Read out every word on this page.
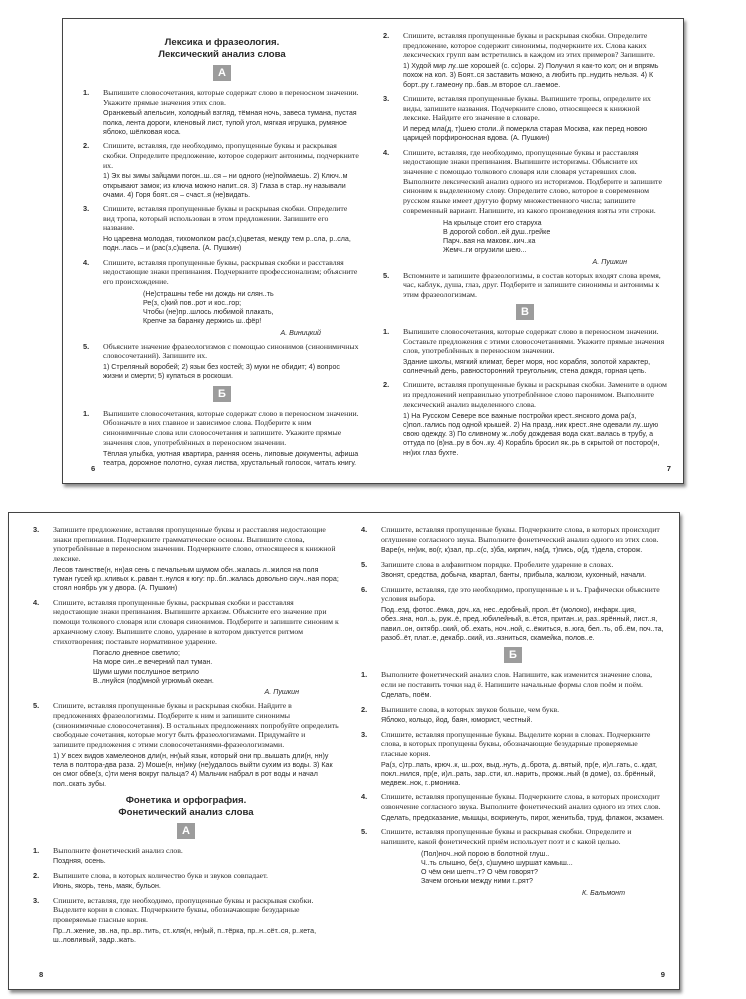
Лексика и фразеология.
Лексический анализ слова
А
1. Выпишите словосочетания, которые содержат слово в переносном значении. Укажите прямые значения этих слов.
Оранжевый апельсин, холодный взгляд, тёмная ночь, завеса тумана, пустая полка, лента дороги, кленовый лист, тупой угол, мягкая игрушка, румяное яблоко, шёлковая коса.
2. Спишите, вставляя, где необходимо, пропущенные буквы и раскрывая скобки. Определите предложение, которое содержит антонимы, подчеркните их.
1) Эх вы зимы зайцами погон..ш..ся – ни одного (не)поймаешь. 2) Ключ..м открывают замок; из ключа можно напит..ся. 3) Глаза в стар..ну называли очами. 4) Горя боят..ся – счаст..я (не)видать.
3. Спишите, вставляя пропущенные буквы и раскрывая скобки. Определите вид тропа, который использован в этом предложении. Запишите его название.
Но царевна молодая, тихомолком рас(з,с)цветая, между тем р..сла, р..сла, подн..лась – и (рас(з,с)цвела. (А. Пушкин)
4. Спишите, вставляя пропущенные буквы, раскрывая скобки и расставляя недостающие знаки препинания. Подчеркните профессионализм; объясните его происхождение.
(Не)страшны тебе ни дождь ни слян..ть
Ре(з, с)кий пов..рот и кос..гор;
Чтобы (не)пр..шлось любимой плакать,
Крепче за баранку держись ш..фёр!
А. Виницкий
5. Объясните значение фразеологизмов с помощью синонимов (синонимичных словосочетаний). Запишите их.
1) Стреляный воробей; 2) язык без костей; 3) муки не обидит; 4) вопрос жизни и смерти; 5) купаться в роскоши.
Б
1. Выпишите словосочетания, которые содержат слово в переносном значении. Обозначьте в них главное и зависимое слова. Подберите к ним синонимичные слова или словосочетания и запишите. Укажите прямые значения слов, употреблённых в переносном значении.
Тёплая улыбка, уютная квартира, ранняя осень, липовые документы, афиша театра, дорожное полотно, сухая листва, хрустальный голосок, читать книгу.
6
2. Спишите, вставляя пропущенные буквы и раскрывая скобки. Определите предложение, которое содержит синонимы, подчеркните их. Слова каких лексических групп вам встретились в каждом из этих примеров? Запишите.
1) Худой мир лу..ше хорошей (с. сс)оры. 2) Получил я как-то кол; он и впрямь похож на кол. 3) Боят..ся заставить можно, а любить пр..нудить нельзя. 4) К борт..ру г..гамеону пр..бав..м второе сл..гаемое.
3. Спишите, вставляя пропущенные буквы. Выпишите тропы, определите их виды, запишите названия. Подчеркните слово, относящееся к книжной лексике. Найдите его значение в словаре.
И перед мла(д, т)шею столи..й померкла старая Москва, как перед новою царицей порфироносная вдова. (А. Пушкин)
4. Спишите, вставляя, где необходимо, пропущенные буквы и расставляя недостающие знаки препинания. Выпишите историзмы. Объясните их значение с помощью толкового словаря или словаря устаревших слов. Выполните лексический анализ одного из историзмов. Подберите и запишите синоним к выделенному слову. Определите слово, которое в современном русском языке имеет другую форму множественного числа; запишите современный вариант. Напишите, из какого произведения взяты эти строки.
На крыльце стоит его старуха
В дорогой собол..ей душ..грейке
Парч..вая на маковк..кич..ка
Жемч..ги огрузили шею...
А. Пушкин
5. Вспомните и запишите фразеологизмы, в состав которых входят слова время, час, каблук, душа, глаз, друг. Подберите и запишите синонимы и антонимы к этим фразеологизмам.
В
1. Выпишите словосочетания, которые содержат слово в переносном значении. Составьте предложения с этими словосочетаниями. Укажите прямые значения слов, употреблённых в переносном значении.
Здание школы, мягкий климат, берег моря, нос корабля, золотой характер, солнечный день, равносторонний треугольник, стена дождя, горная цепь.
2. Спишите, вставляя пропущенные буквы и раскрывая скобки. Замените в одном из предложений неправильно употреблённое слово паронимом. Выполните лексический анализ выделенного слова.
1) На Русском Севере все важные постройки крест..янского дома ра(з, с)пол..гались под одной крышей. 2) На празд..ник крест..яне одевали лу..шую свою одежду. 3) По сливному ж..лобу дождевая вода скат..валась в трубу, а оттуда по (в)на..ру в боч..ку. 4) Корабль бросил як..рь в скрытой от посторо(н, нн)их глаз бухте.
7
3. Запишите предложение, вставляя пропущенные буквы и расставляя недостающие знаки препинания. Подчеркните грамматические основы. Выпишите слова, употреблённые в переносном значении. Подчеркните слово, относящееся к книжной лексике.
Лесов таинстве(н, нн)ая сень с печальным шумом обн..жалась л..жился на поля туман гусей кр..кливых к..раван т..нулся к югу: пр..бл..жалась довольно скуч..ная пора; стоял ноябрь уж у двора. (А. Пушкин)
4. Спишите, вставляя пропущенные буквы, раскрывая скобки и расставляя недостающие знаки препинания. Выпишите архаизм. Объясните его значение при помощи толкового словаря или словаря синонимов. Подберите и запишите синоним к архаичному слову. Выпишите слово, ударение в котором диктуется ритмом стихотворения; поставьте нормативное ударение.
Погасло дневное светило;
На море син..е вечерний пал туман.
Шуми шуми послушное ветрило
В..лнуйся (под)мной угрюмый океан.
А. Пушкин
5. Спишите, вставляя пропущенные буквы и раскрывая скобки. Найдите в предложениях фразеологизмы. Подберите к ним и запишите синонимы (синонимичные словосочетания). В остальных предложениях попробуйте определить свободные сочетания, которые могут быть фразеологизмами. Придумайте и запишите предложения с этими словосочетаниями-фразеологизмами.
1) У всех видов хамелеонов дли(н, нн)ый язык, который они пр..вышать дли(н, нн)у тела в полтора-два раза. 2) Моше(н, нн)ику (не)удалось выйти сухим из воды. 3) Как он смог обве(з, с)ти меня вокруг пальца? 4) Мальчик набрал в рот воды и начал пол..скать зубы.
Фонетика и орфография.
Фонетический анализ слова
А
1. Выполните фонетический анализ слов.
Поздняя, осень.
2. Выпишите слова, в которых количество букв и звуков совпадает.
Июнь, якорь, тень, маяк, бульон.
3. Спишите, вставляя, где необходимо, пропущенные буквы и раскрывая скобки. Выделите корни в словах. Подчеркните буквы, обозначающие безударные проверяемые гласные корня.
Пр..л..жение, зв..на, пр..вр..тить, ст..кля(н, нн)ый, п..тёрка, пр..н..сёт..ся, р..кета, ш..ловливый, задр..жать.
8
4. Спишите, вставляя пропущенные буквы. Подчеркните слова, в которых происходит оглушение согласного звука. Выполните фонетический анализ одного из этих слов.
Варе(н, нн)ик, во(г, к)зал, пр..с(с, з)ба, кирпич, на(д, т)пись, о(д, т)дела, сторож.
5. Запишите слова в алфавитном порядке. Пробелите ударение в словах.
Звонят, средства, добыча, квартал, банты, прибыла, жалюзи, кухонный, начали.
6. Спишите, вставляя, где это необходимо, пропущенные ь и ъ. Графически объясните условия выбора.
Под..езд, фотос..ёмка, доч..ка, нес..едобный, прол..ёт (молоко), инфарк..ция, обез..яна, нол..ь, руж..ё, пред..юбилейный, в..ётся, притан..и, раз..ярённый, лист..я, павил..он, октябр..ский, об..ехать, ноч..ной, с..ёжиться, в..юга, бел..ть, об..ём, поч..та, разоб..ёт, плат..е, декабр..ский, из..язниться, скамейка, полов..е.
Б
1. Выполните фонетический анализ слов. Напишите, как изменится значение слова, если не поставить точки над ё. Напишите начальные формы слов поём и поём.
Сделать, поём.
2. Выпишите слова, в которых звуков больше, чем букв.
Яблоко, кольцо, йод, баян, юморист, честный.
3. Спишите, вставляя пропущенные буквы. Выделите корни в словах. Подчеркните слова, в которых пропущены буквы, обозначающие безударные проверяемые гласные корня.
Ра(з, с)тр..пать, крюч..к, ш..рох, выд..нуть, д..брота, д..вятый, пр(е, и)л..гать, с..кдат, покл..нился, пр(е, и)л..рать, зар..сти, кл..нарить, прожж..ный (в доме), оз..брённый, медвеж..нок, г..рмоника.
4. Спишите, вставляя пропущенные буквы. Подчеркните слова, в которых происходит озвончение согласного звука. Выполните фонетический анализ одного из этих слов.
Сделать, предсказание, мышцы, вскрикнуть, пирог, женитьба, труд, флажок, экзамен.
5. Спишите, вставляя пропущенные буквы и раскрывая скобки. Определите и напишите, какой фонетический приём использует поэт и с какой целью.
(Пол)ноч..ной порою в болотной глуш..
Ч..ть слышно, бе(з, с)шумно шуршат камыш...
О чём они шепч..т? О чём говорят?
Зачем огоньки между ними г..рят?
К. Бальмонт
9
